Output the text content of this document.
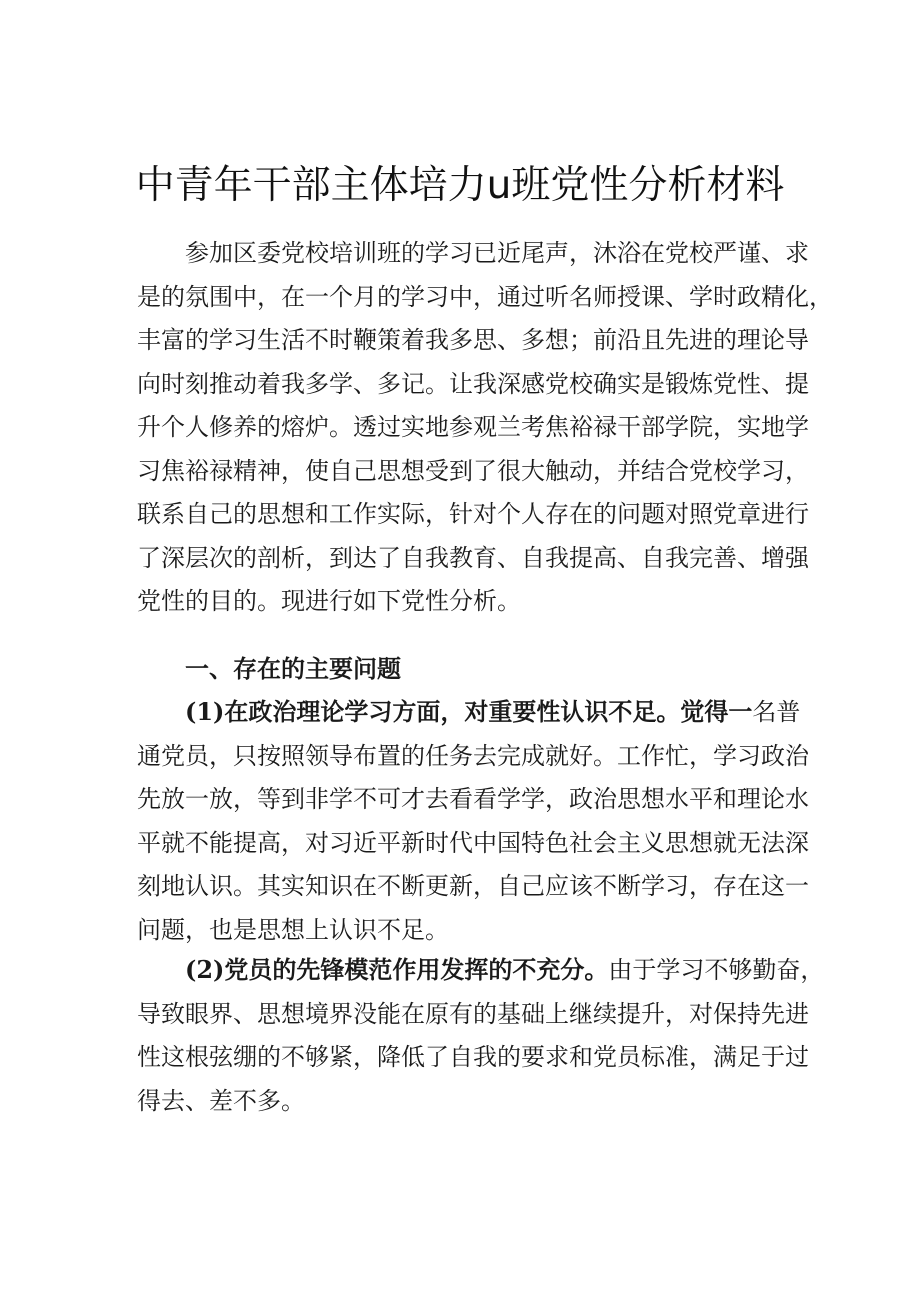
中青年干部主体培力u班党性分析材料
参加区委党校培训班的学习已近尾声，沐浴在党校严谨、求
是的氛围中，在一个月的学习中，通过听名师授课、学时政精化，
丰富的学习生活不时鞭策着我多思、多想；前沿且先进的理论导
向时刻推动着我多学、多记。让我深感党校确实是锻炼党性、提
升个人修养的熔炉。透过实地参观兰考焦裕禄干部学院，实地学
习焦裕禄精神，使自己思想受到了很大触动，并结合党校学习，
联系自己的思想和工作实际，针对个人存在的问题对照党章进行
了深层次的剖析，到达了自我教育、自我提高、自我完善、增强
党性的目的。现进行如下党性分析。

一、存在的主要问题

(1)在政治理论学习方面，对重要性认识不足。觉得一名普
通党员，只按照领导布置的任务去完成就好。工作忙，学习政治
先放一放，等到非学不可才去看看学学，政治思想水平和理论水
平就不能提高，对习近平新时代中国特色社会主义思想就无法深
刻地认识。其实知识在不断更新，自己应该不断学习，存在这一
问题，也是思想上认识不足。
(2)党员的先锋模范作用发挥的不充分。由于学习不够勤奋，
导致眼界、思想境界没能在原有的基础上继续提升，对保持先进
性这根弦绷的不够紧，降低了自我的要求和党员标准，满足于过
得去、差不多。
